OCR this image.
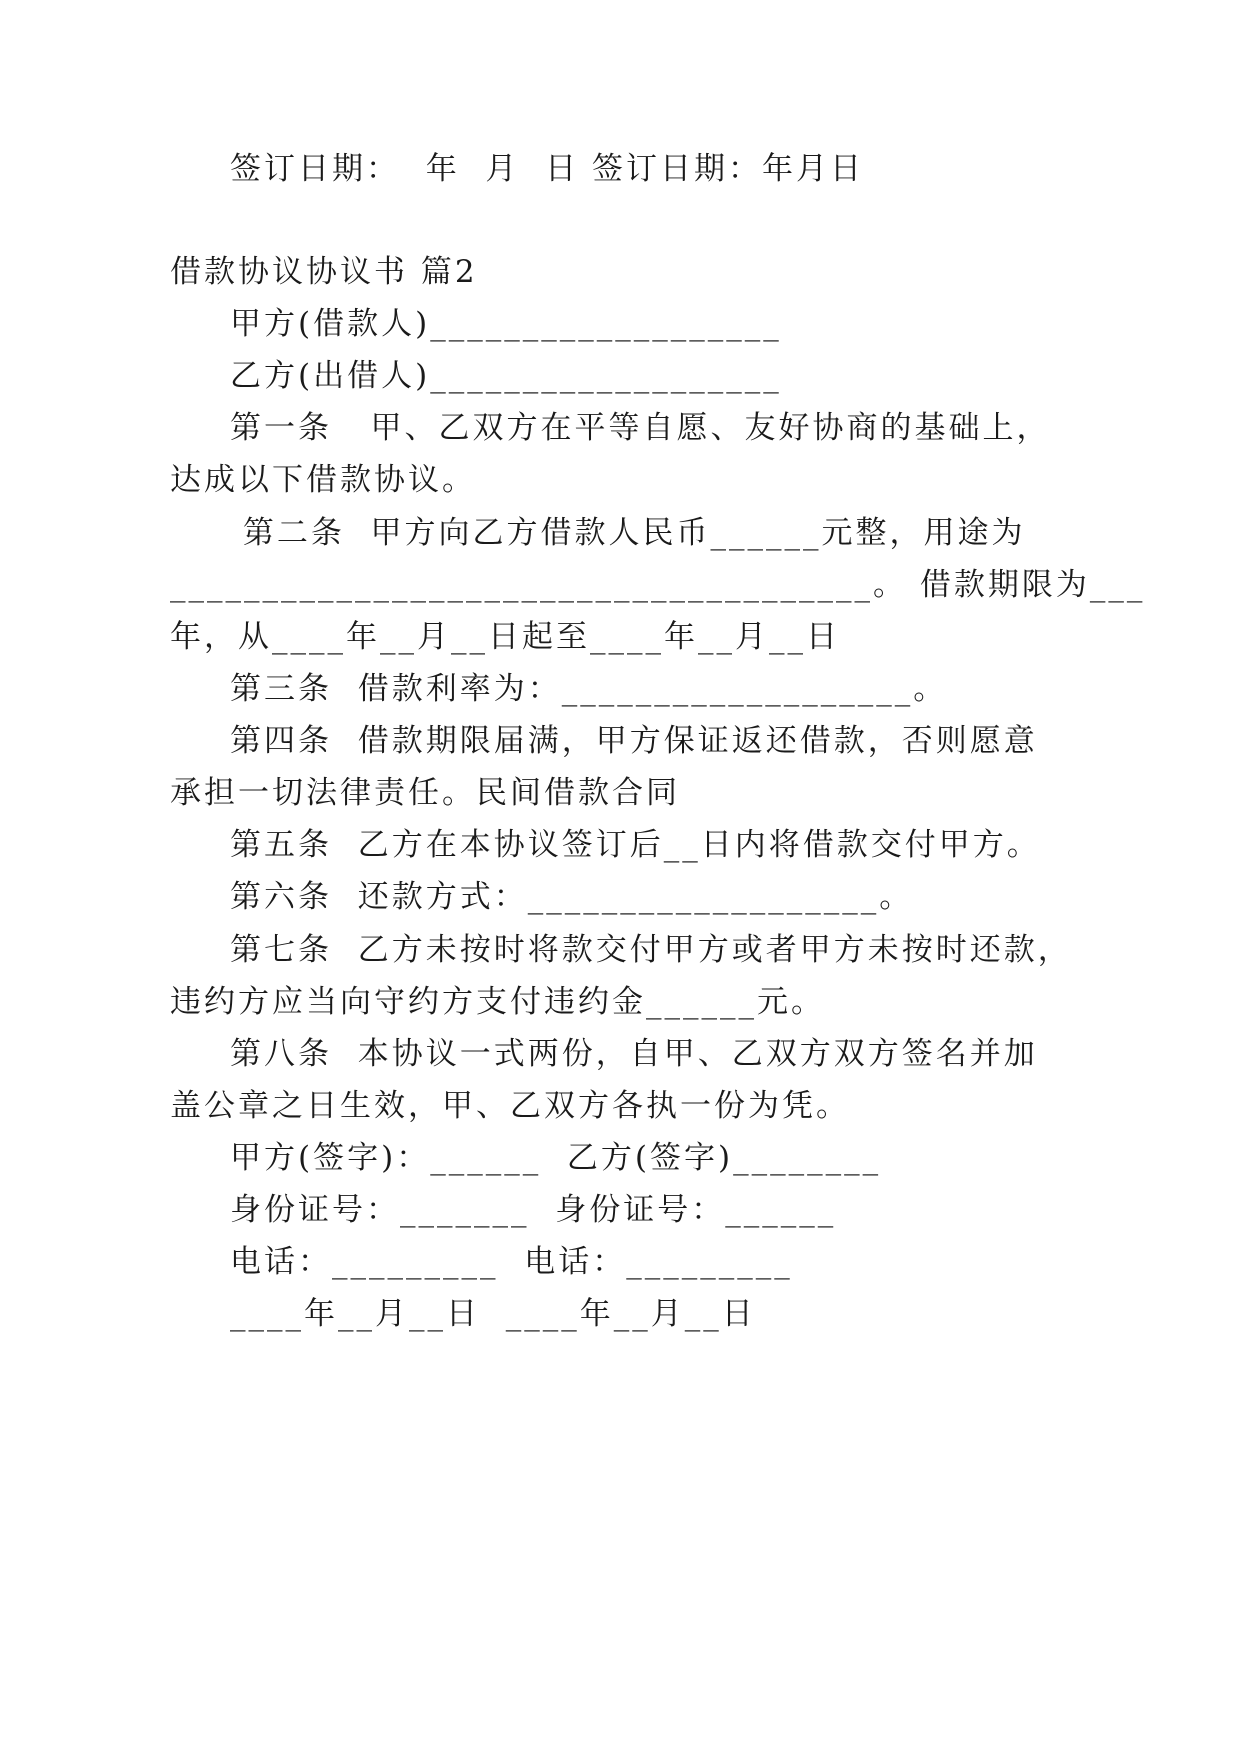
签订日期：  年  月  日 签订日期：年月日
借款协议协议书 篇2
甲方(借款人)___________________
乙方(出借人)___________________
第一条   甲、乙双方在平等自愿、友好协商的基础上，
达成以下借款协议。
第二条  甲方向乙方借款人民币______元整，用途为
______________________________________。 借款期限为___
年，从____年__月__日起至____年__月__日
第三条  借款利率为：___________________。
第四条  借款期限届满，甲方保证返还借款，否则愿意
承担一切法律责任。民间借款合同
第五条  乙方在本协议签订后__日内将借款交付甲方。
第六条  还款方式：___________________。
第七条  乙方未按时将款交付甲方或者甲方未按时还款，
违约方应当向守约方支付违约金______元。
第八条  本协议一式两份，自甲、乙双方双方签名并加
盖公章之日生效，甲、乙双方各执一份为凭。
甲方(签字)：______  乙方(签字)________
身份证号：_______  身份证号：______
电话：_________  电话：_________
____年__月__日  ____年__月__日
